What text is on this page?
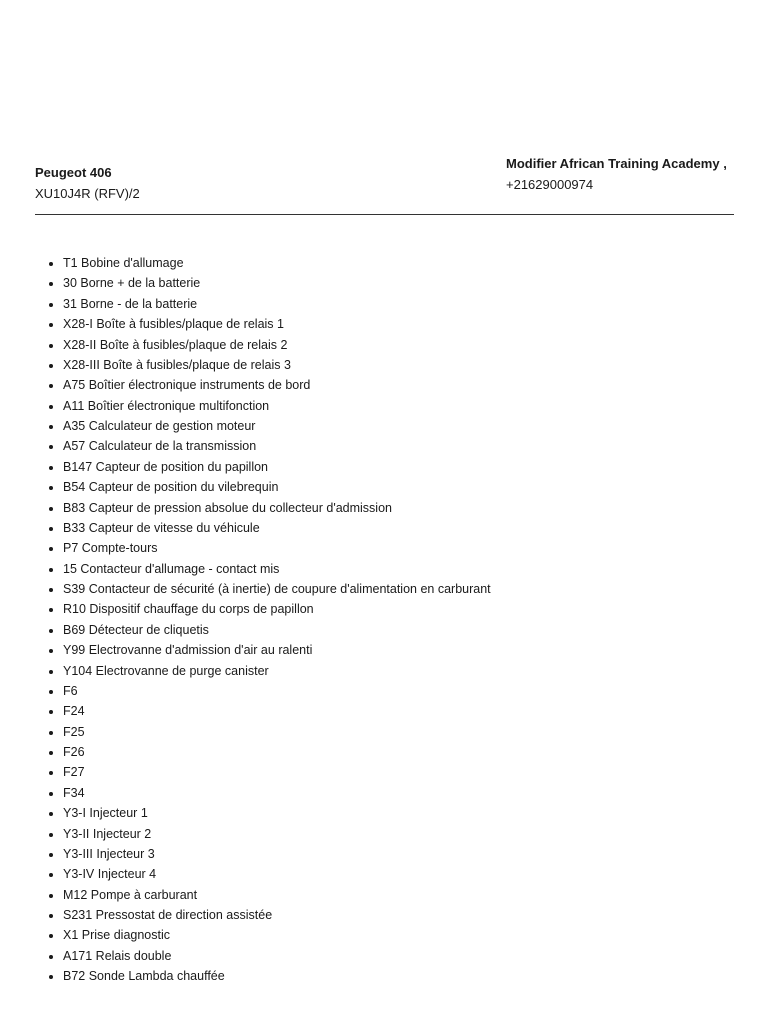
Peugeot 406

XU10J4R (RFV)/2

Modifier African Training Academy ,

+21629000974

• T1 Bobine d'allumage
• 30 Borne + de la batterie
• 31 Borne - de la batterie
• X28-I Boîte à fusibles/plaque de relais 1
• X28-II Boîte à fusibles/plaque de relais 2
• X28-III Boîte à fusibles/plaque de relais 3
• A75 Boîtier électronique instruments de bord
• A11 Boîtier électronique multifonction
• A35 Calculateur de gestion moteur
• A57 Calculateur de la transmission
• B147 Capteur de position du papillon
• B54 Capteur de position du vilebrequin
• B83 Capteur de pression absolue du collecteur d'admission
• B33 Capteur de vitesse du véhicule
• P7 Compte-tours
• 15 Contacteur d'allumage - contact mis
• S39 Contacteur de sécurité (à inertie) de coupure d'alimentation en carburant
• R10 Dispositif chauffage du corps de papillon
• B69 Détecteur de cliquetis
• Y99 Electrovanne d'admission d'air au ralenti
• Y104 Electrovanne de purge canister
• F6
• F24
• F25
• F26
• F27
• F34
• Y3-I Injecteur 1
• Y3-II Injecteur 2
• Y3-III Injecteur 3
• Y3-IV Injecteur 4
• M12 Pompe à carburant
• S231 Pressostat de direction assistée
• X1 Prise diagnostic
• A171 Relais double
• B72 Sonde Lambda chauffée
